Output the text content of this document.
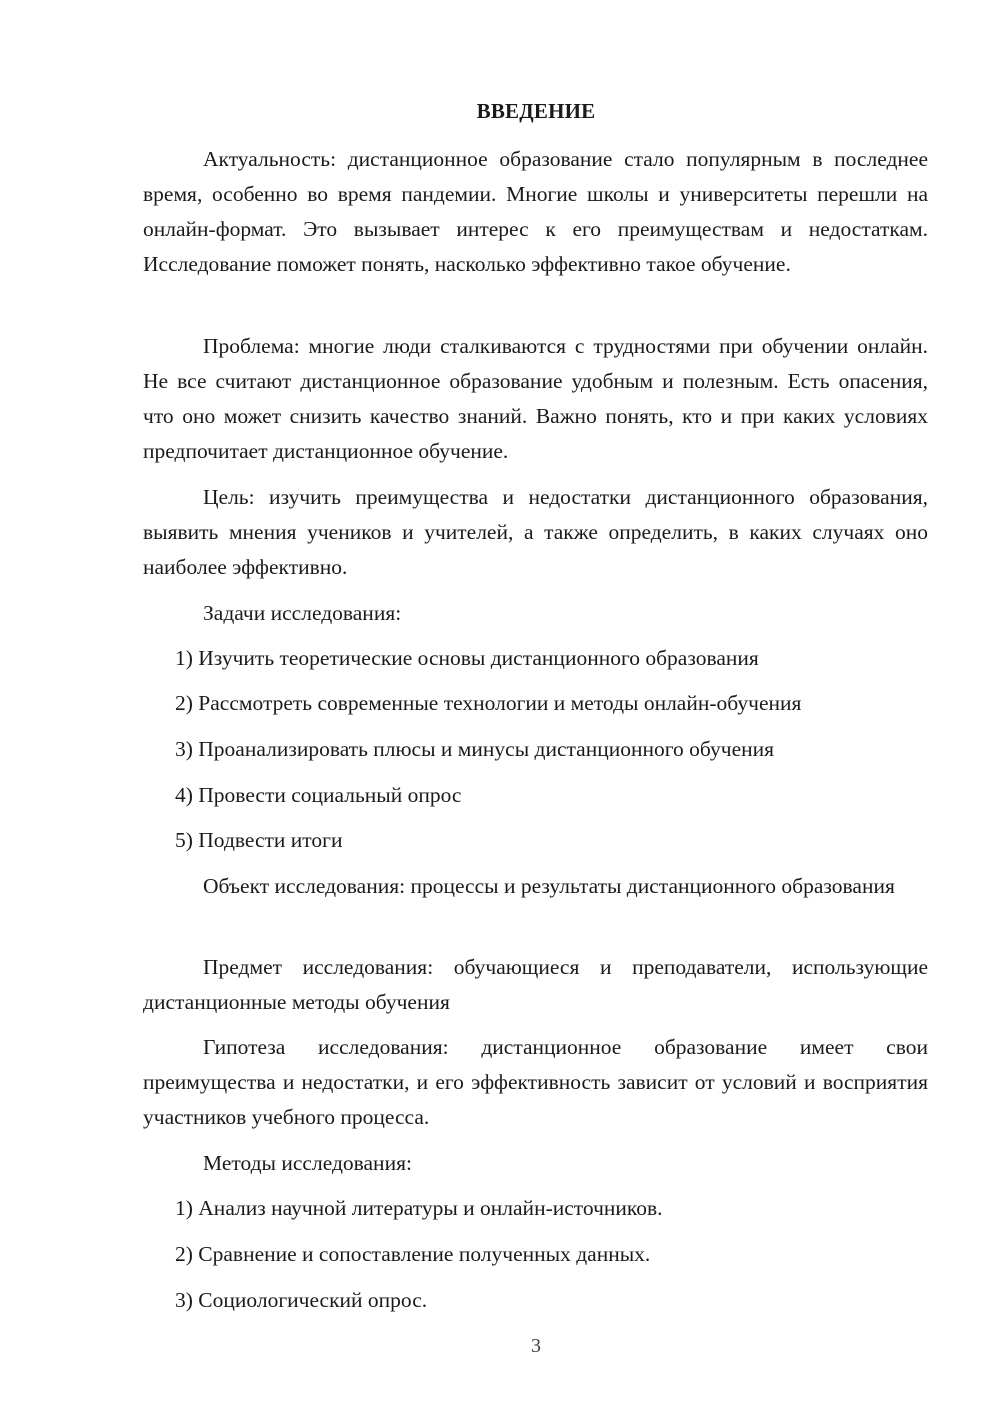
ВВЕДЕНИЕ
Актуальность: дистанционное образование стало популярным в последнее время, особенно во время пандемии. Многие школы и университеты перешли на онлайн-формат. Это вызывает интерес к его преимуществам и недостаткам. Исследование поможет понять, насколько эффективно такое обучение.
Проблема: многие люди сталкиваются с трудностями при обучении онлайн. Не все считают дистанционное образование удобным и полезным. Есть опасения, что оно может снизить качество знаний. Важно понять, кто и при каких условиях предпочитает дистанционное обучение.
Цель: изучить преимущества и недостатки дистанционного образования, выявить мнения учеников и учителей, а также определить, в каких случаях оно наиболее эффективно.
Задачи исследования:
1) Изучить теоретические основы дистанционного образования
2) Рассмотреть современные технологии и методы онлайн-обучения
3) Проанализировать плюсы и минусы дистанционного обучения
4) Провести социальный опрос
5) Подвести итоги
Объект исследования: процессы и результаты дистанционного образования
Предмет исследования: обучающиеся и преподаватели, использующие дистанционные методы обучения
Гипотеза исследования: дистанционное образование имеет свои преимущества и недостатки, и его эффективность зависит от условий и восприятия участников учебного процесса.
Методы исследования:
1) Анализ научной литературы и онлайн-источников.
2) Сравнение и сопоставление полученных данных.
3) Социологический опрос.
3
